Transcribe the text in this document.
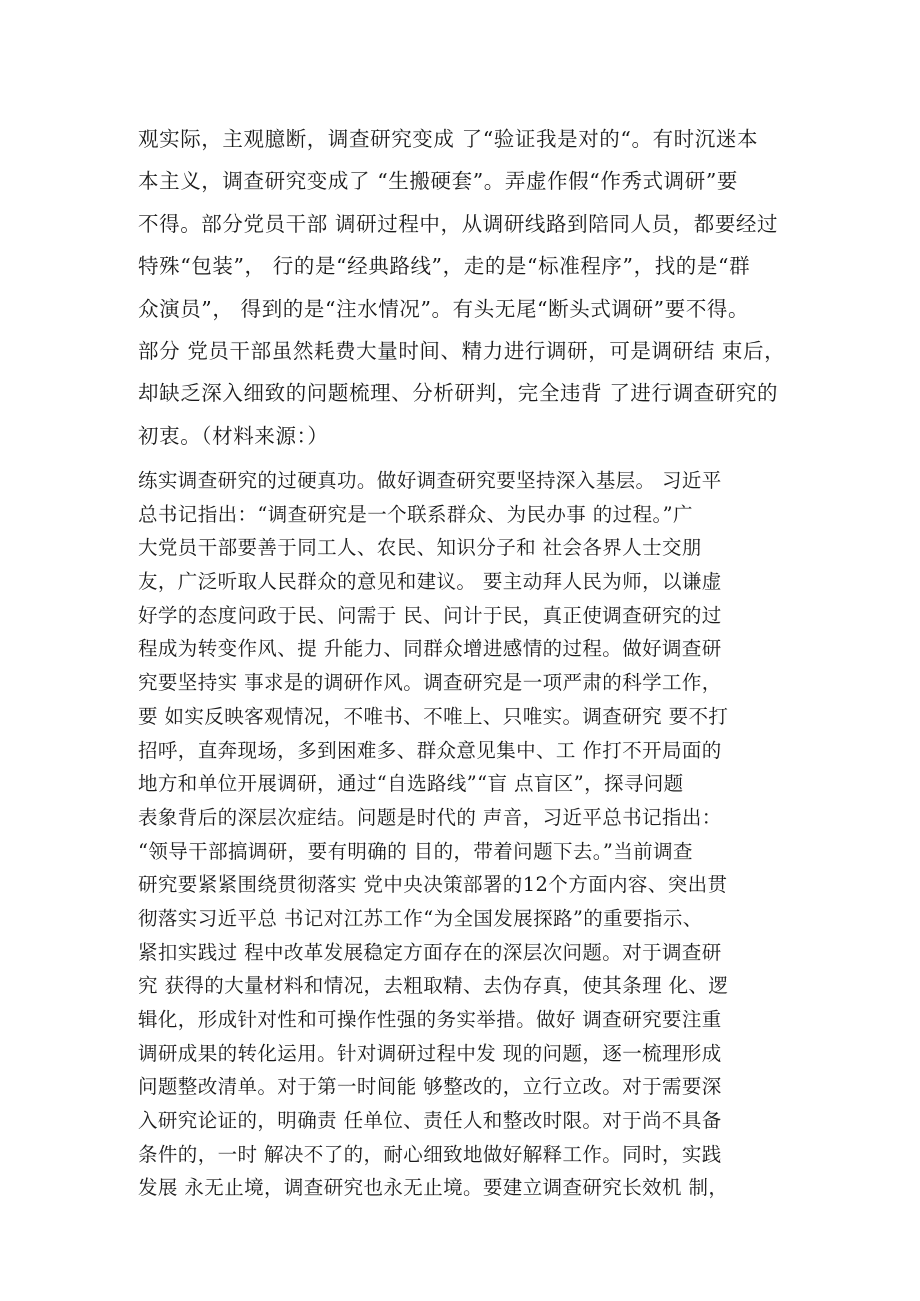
观实际，主观臆断，调查研究变成 了“验证我是对的“。有时沉迷本
本主义，调查研究变成了 “生搬硬套”。弄虚作假“作秀式调研”要
不得。部分党员干部 调研过程中，从调研线路到陪同人员，都要经过
特殊“包装”， 行的是“经典路线”，走的是“标准程序”，找的是“群
众演员”， 得到的是“注水情况”。有头无尾“断头式调研”要不得。
部分 党员干部虽然耗费大量时间、精力进行调研，可是调研结 束后，
却缺乏深入细致的问题梳理、分析研判，完全违背 了进行调查研究的
初衷。（材料来源：）
练实调查研究的过硬真功。做好调查研究要坚持深入基层。 习近平
总书记指出：“调查研究是一个联系群众、为民办事 的过程。”广
大党员干部要善于同工人、农民、知识分子和 社会各界人士交朋
友，广泛听取人民群众的意见和建议。 要主动拜人民为师，以谦虚
好学的态度问政于民、问需于 民、问计于民，真正使调查研究的过
程成为转变作风、提 升能力、同群众增进感情的过程。做好调查研
究要坚持实 事求是的调研作风。调查研究是一项严肃的科学工作，
要 如实反映客观情况，不唯书、不唯上、只唯实。调查研究 要不打
招呼，直奔现场，多到困难多、群众意见集中、工 作打不开局面的
地方和单位开展调研，通过“自选路线”“盲 点盲区”，探寻问题
表象背后的深层次症结。问题是时代的 声音，习近平总书记指出：
“领导干部搞调研，要有明确的 目的，带着问题下去。”当前调查
研究要紧紧围绕贯彻落实 党中央决策部署的12个方面内容、突出贯
彻落实习近平总 书记对江苏工作“为全国发展探路”的重要指示、
紧扣实践过 程中改革发展稳定方面存在的深层次问题。对于调查研
究 获得的大量材料和情况，去粗取精、去伪存真，使其条理 化、逻
辑化，形成针对性和可操作性强的务实举措。做好 调查研究要注重
调研成果的转化运用。针对调研过程中发 现的问题，逐一梳理形成
问题整改清单。对于第一时间能 够整改的，立行立改。对于需要深
入研究论证的，明确责 任单位、责任人和整改时限。对于尚不具备
条件的，一时 解决不了的，耐心细致地做好解释工作。同时，实践
发展 永无止境，调查研究也永无止境。要建立调查研究长效机 制，
